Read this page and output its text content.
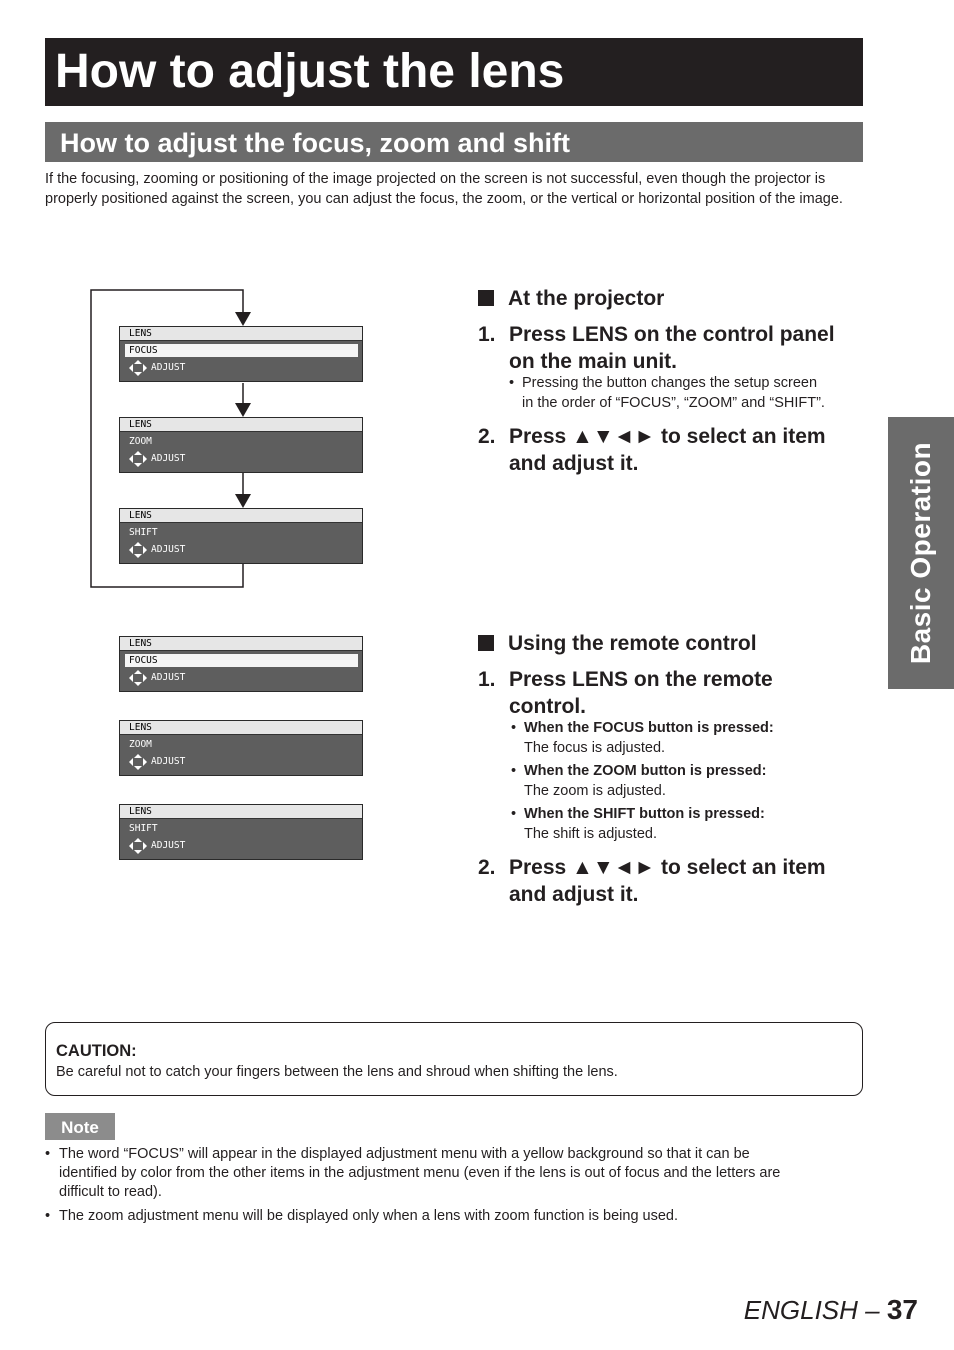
How to adjust the lens
How to adjust the focus, zoom and shift
If the focusing, zooming or positioning of the image projected on the screen is not successful, even though the projector is properly positioned against the screen, you can adjust the focus, the zoom, or the vertical or horizontal position of the image.
Basic Operation
LENS
FOCUS
ADJUST
LENS
ZOOM
ADJUST
LENS
SHIFT
ADJUST
LENS
FOCUS
ADJUST
LENS
ZOOM
ADJUST
LENS
SHIFT
ADJUST
At the projector
1. Press LENS on the control panel
on the main unit.
• Pressing the button changes the setup screen
in the order of “FOCUS”, “ZOOM” and “SHIFT”.
2. Press ▲▼◄► to select an item
and adjust it.
Using the remote control
1. Press LENS on the remote
control.
• When the FOCUS button is pressed:
The focus is adjusted.
• When the ZOOM button is pressed:
The zoom is adjusted.
• When the SHIFT button is pressed:
The shift is adjusted.
2. Press ▲▼◄► to select an item
and adjust it.
CAUTION:
Be careful not to catch your fingers between the lens and shroud when shifting the lens.
Note
• The word “FOCUS” will appear in the displayed adjustment menu with a yellow background so that it can be
identified by color from the other items in the adjustment menu (even if the lens is out of focus and the letters are
difficult to read).
• The zoom adjustment menu will be displayed only when a lens with zoom function is being used.
ENGLISH – 37
